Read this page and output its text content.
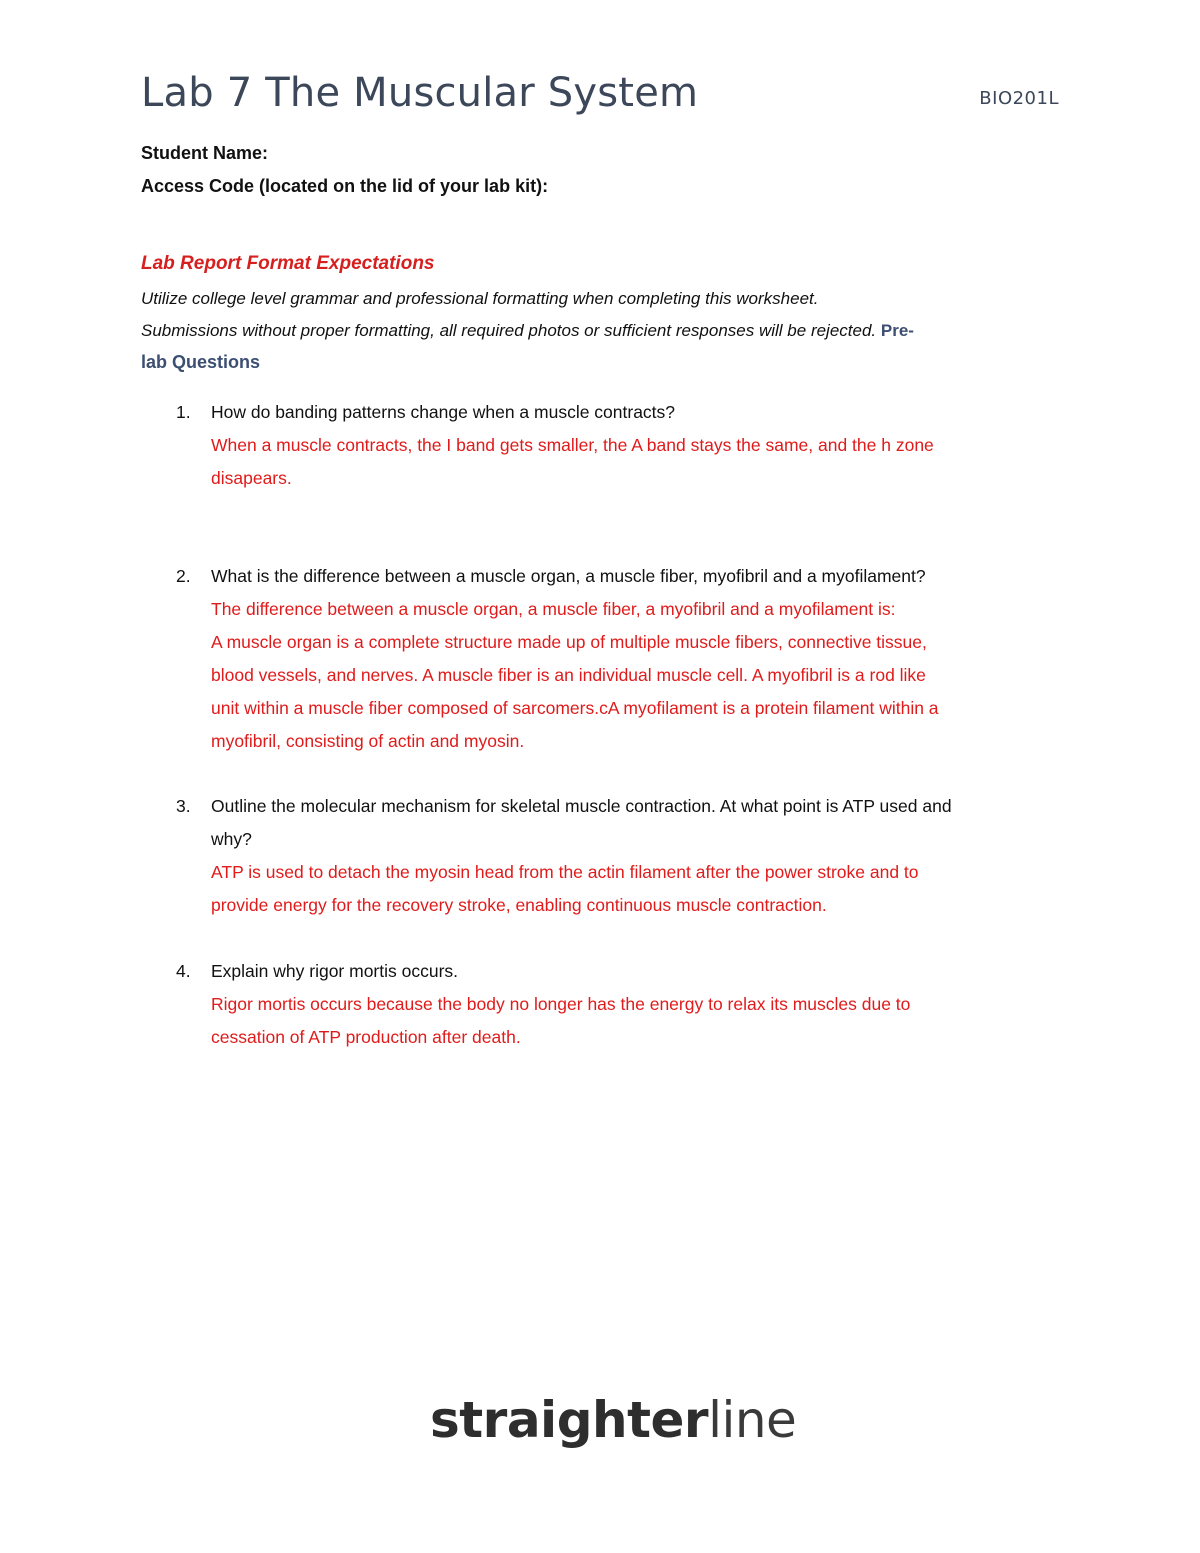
Lab 7 The Muscular System	BIO201L
Student Name:
Access Code (located on the lid of your lab kit):
Lab Report Format Expectations
Utilize college level grammar and professional formatting when completing this worksheet.
Submissions without proper formatting, all required photos or sufficient responses will be rejected. Pre-
lab Questions
1. How do banding patterns change when a muscle contracts?

When a muscle contracts, the I band gets smaller, the A band stays the same, and the h zone

disapears.

2. What is the difference between a muscle organ, a muscle fiber, myofibril and a myofilament?

The difference between a muscle organ, a muscle fiber, a myofibril and a myofilament is:

A muscle organ is a complete structure made up of multiple muscle fibers, connective tissue,

blood vessels, and nerves. A muscle fiber is an individual muscle cell. A myofibril is a rod like

unit within a muscle fiber composed of sarcomers.cA myofilament is a protein filament within a

myofibril, consisting of actin and myosin.

3. Outline the molecular mechanism for skeletal muscle contraction. At what point is ATP used and
why?

ATP is used to detach the myosin head from the actin filament after the power stroke and to

provide energy for the recovery stroke, enabling continuous muscle contraction.

4. Explain why rigor mortis occurs.

Rigor mortis occurs because the body no longer has the energy to relax its muscles due to

cessation of ATP production after death.

straighterline
